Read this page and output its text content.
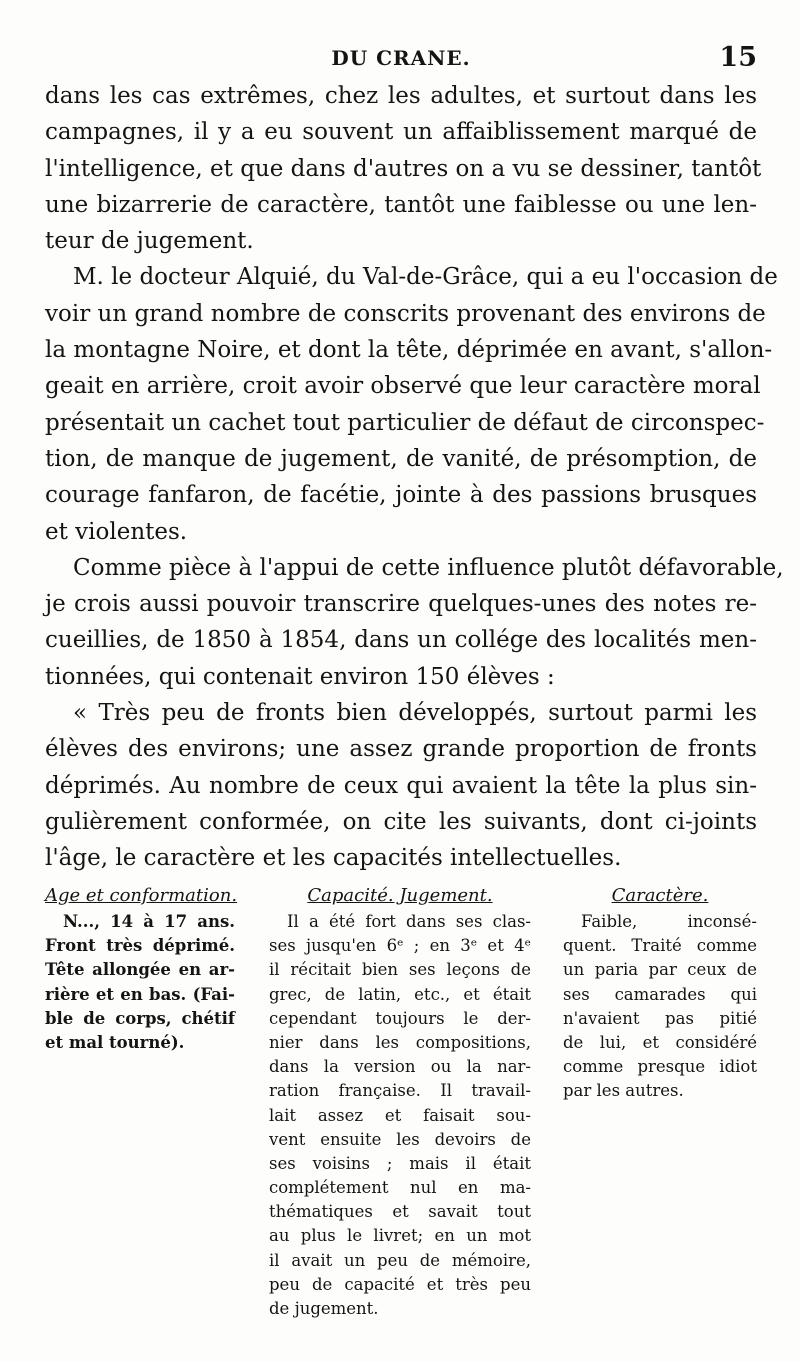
DU CRANE.	15
dans les cas extrêmes, chez les adultes, et surtout dans les
campagnes, il y a eu souvent un affaiblissement marqué de
l'intelligence, et que dans d'autres on a vu se dessiner, tantôt
une bizarrerie de caractère, tantôt une faiblesse ou une len-
teur de jugement.
M. le docteur Alquié, du Val-de-Grâce, qui a eu l'occasion de
voir un grand nombre de conscrits provenant des environs de
la montagne Noire, et dont la tête, déprimée en avant, s'allon-
geait en arrière, croit avoir observé que leur caractère moral
présentait un cachet tout particulier de défaut de circonspec-
tion, de manque de jugement, de vanité, de présomption, de
courage fanfaron, de facétie, jointe à des passions brusques
et violentes.
Comme pièce à l'appui de cette influence plutôt défavorable,
je crois aussi pouvoir transcrire quelques-unes des notes re-
cueillies, de 1850 à 1854, dans un collége des localités men-
tionnées, qui contenait environ 150 élèves :
« Très peu de fronts bien développés, surtout parmi les
élèves des environs; une assez grande proportion de fronts
déprimés. Au nombre de ceux qui avaient la tête la plus sin-
gulièrement conformée, on cite les suivants, dont ci-joints
l'âge, le caractère et les capacités intellectuelles.
Age et conformation.
N..., 14 à 17 ans.
Front très déprimé.
Tête allongée en ar-
rière et en bas. (Fai-
ble de corps, chétif
et mal tourné).
Capacité. Jugement.
Il a été fort dans ses clas-
ses jusqu'en 6ᵉ ; en 3ᵉ et 4ᵉ
il récitait bien ses leçons de
grec, de latin, etc., et était
cependant toujours le der-
nier dans les compositions,
dans la version ou la nar-
ration française. Il travail-
lait assez et faisait sou-
vent ensuite les devoirs de
ses voisins ; mais il était
complétement nul en ma-
thématiques et savait tout
au plus le livret; en un mot
il avait un peu de mémoire,
peu de capacité et très peu
de jugement.
Caractère.
Faible, inconsé-
quent. Traité comme
un paria par ceux de
ses camarades qui
n'avaient pas pitié
de lui, et considéré
comme presque idiot
par les autres.
